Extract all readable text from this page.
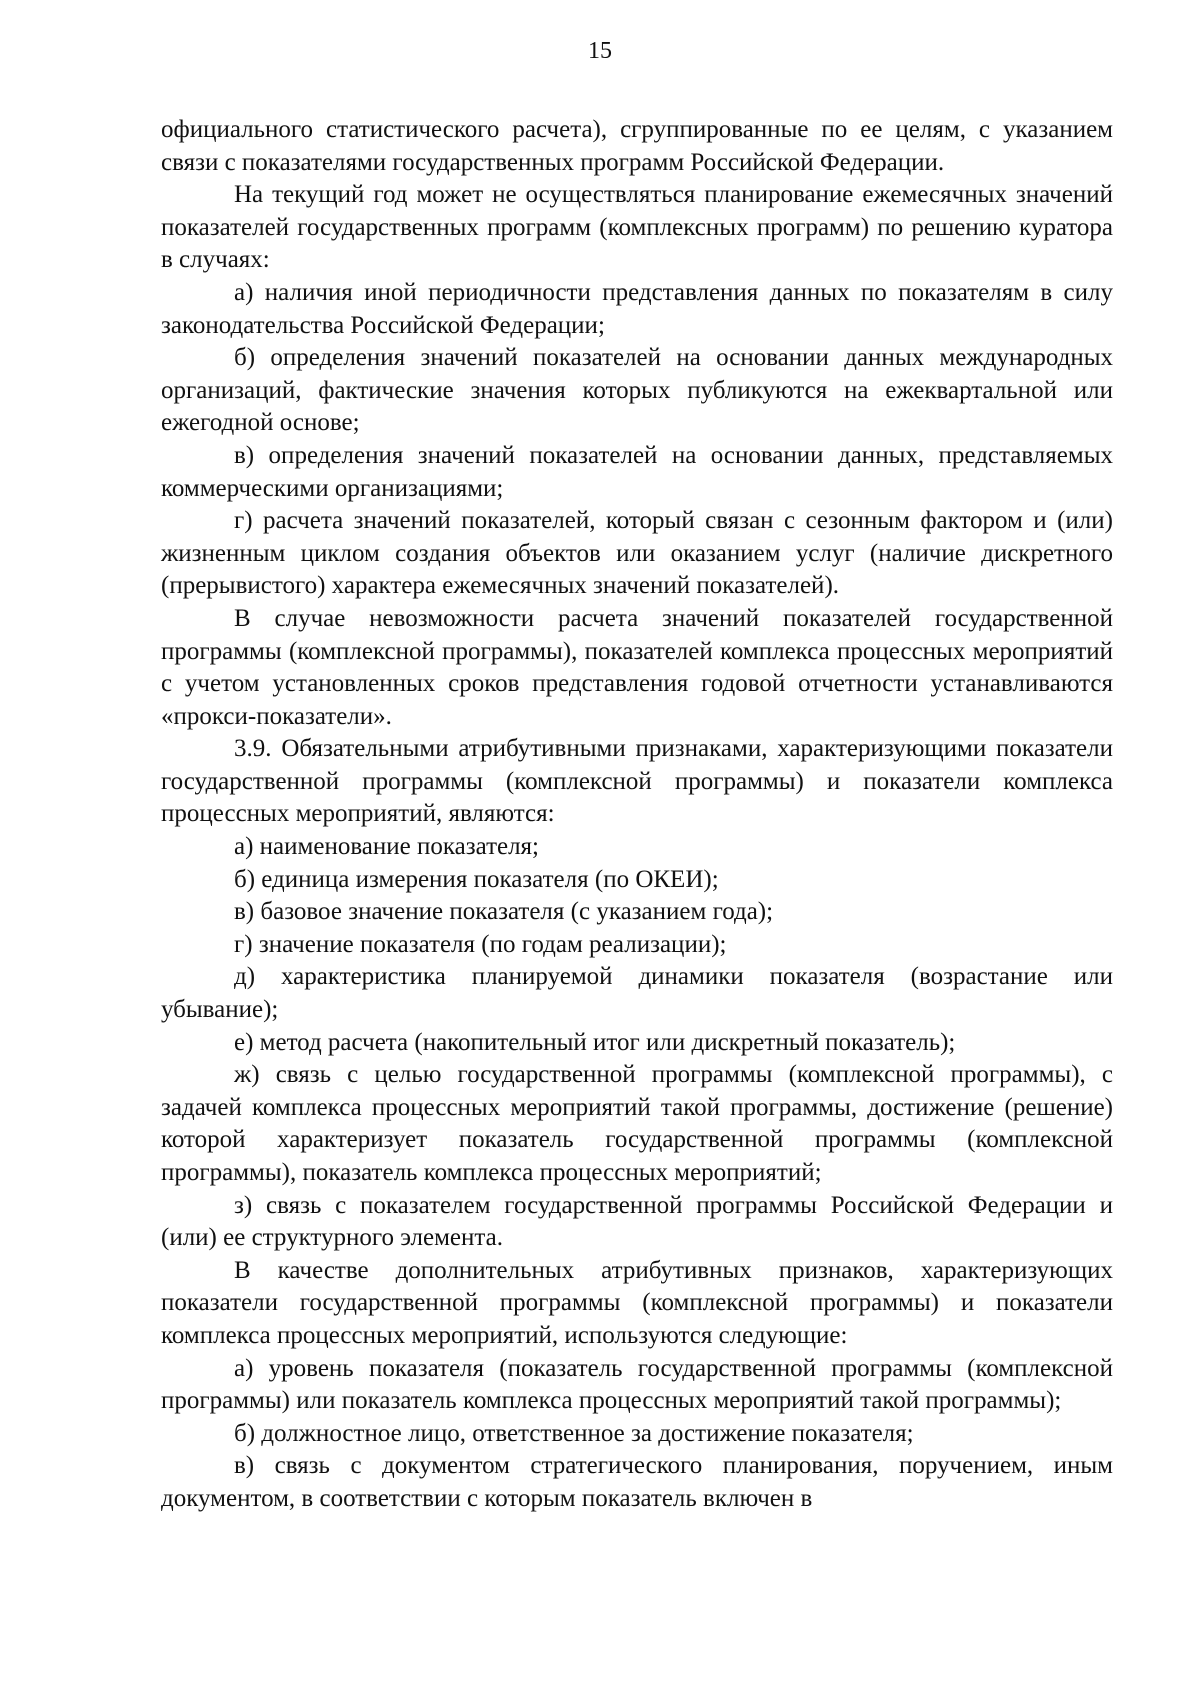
15

официального статистического расчета), сгруппированные по ее целям, с указанием связи с показателями государственных программ Российской Федерации.

На текущий год может не осуществляться планирование ежемесячных значений показателей государственных программ (комплексных программ) по решению куратора в случаях:

а) наличия иной периодичности представления данных по показателям в силу законодательства Российской Федерации;

б) определения значений показателей на основании данных международных организаций, фактические значения которых публикуются на ежеквартальной или ежегодной основе;

в) определения значений показателей на основании данных, представляемых коммерческими организациями;

г) расчета значений показателей, который связан с сезонным фактором и (или) жизненным циклом создания объектов или оказанием услуг (наличие дискретного (прерывистого) характера ежемесячных значений показателей).

В случае невозможности расчета значений показателей государственной программы (комплексной программы), показателей комплекса процессных мероприятий с учетом установленных сроков представления годовой отчетности устанавливаются «прокси-показатели».

3.9. Обязательными атрибутивными признаками, характеризующими показатели государственной программы (комплексной программы) и показатели комплекса процессных мероприятий, являются:

а) наименование показателя;

б) единица измерения показателя (по ОКЕИ);

в) базовое значение показателя (с указанием года);

г) значение показателя (по годам реализации);

д) характеристика планируемой динамики показателя (возрастание или убывание);

е) метод расчета (накопительный итог или дискретный показатель);

ж) связь с целью государственной программы (комплексной программы), с задачей комплекса процессных мероприятий такой программы, достижение (решение) которой характеризует показатель государственной программы (комплексной программы), показатель комплекса процессных мероприятий;

з) связь с показателем государственной программы Российской Федерации и (или) ее структурного элемента.

В качестве дополнительных атрибутивных признаков, характеризующих показатели государственной программы (комплексной программы) и показатели комплекса процессных мероприятий, используются следующие:

а) уровень показателя (показатель государственной программы (комплексной программы) или показатель комплекса процессных мероприятий такой программы);

б) должностное лицо, ответственное за достижение показателя;

в) связь с документом стратегического планирования, поручением, иным документом, в соответствии с которым показатель включен в
